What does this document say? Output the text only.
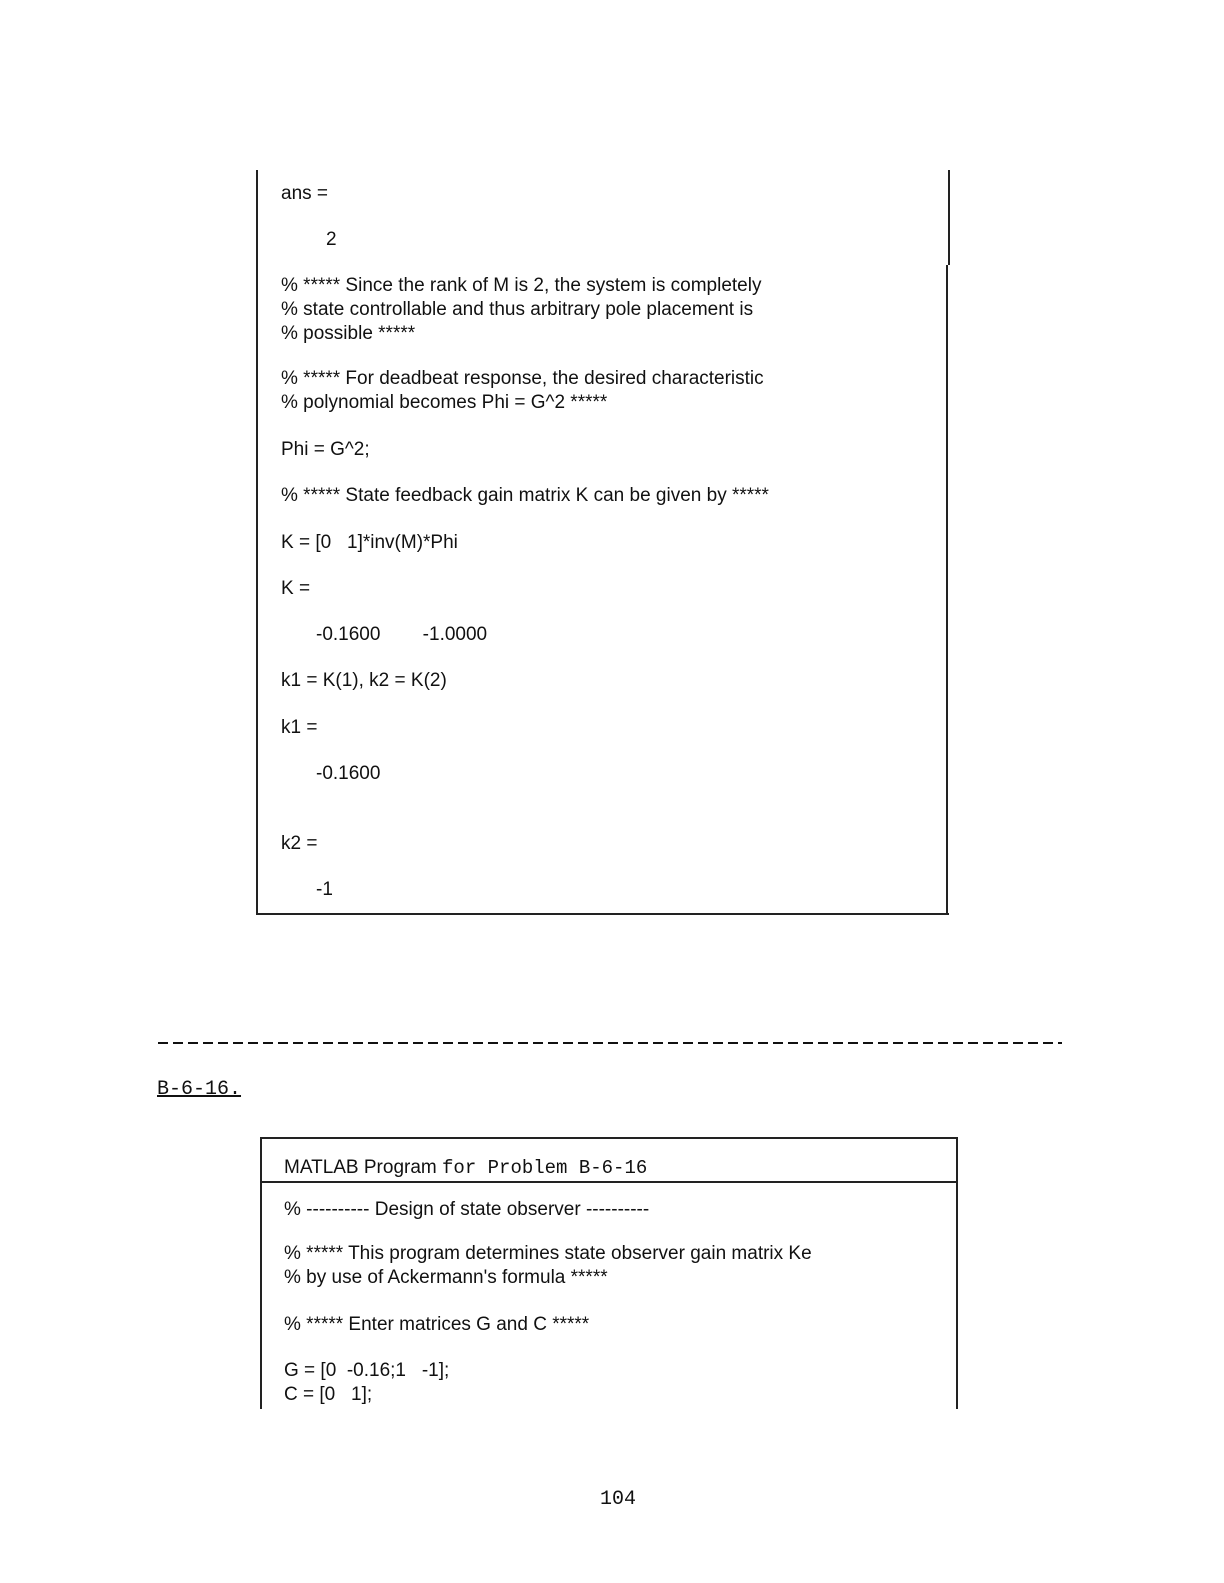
ans =
2
% ***** Since the rank of M is 2, the system is completely
% state controllable and thus arbitrary pole placement is
% possible *****
% ***** For deadbeat response, the desired characteristic
% polynomial becomes Phi = G^2 *****
Phi = G^2;
% ***** State feedback gain matrix K can be given by *****
K = [0   1]*inv(M)*Phi
K =
-0.1600        -1.0000
k1 = K(1), k2 = K(2)
k1 =
-0.1600
k2 =
-1
B-6-16.
MATLAB Program for Problem B-6-16
% ---------- Design of state observer ----------
% ***** This program determines state observer gain matrix Ke
% by use of Ackermann's formula *****
% ***** Enter matrices G and C *****
G = [0  -0.16;1   -1];
C = [0   1];
104
